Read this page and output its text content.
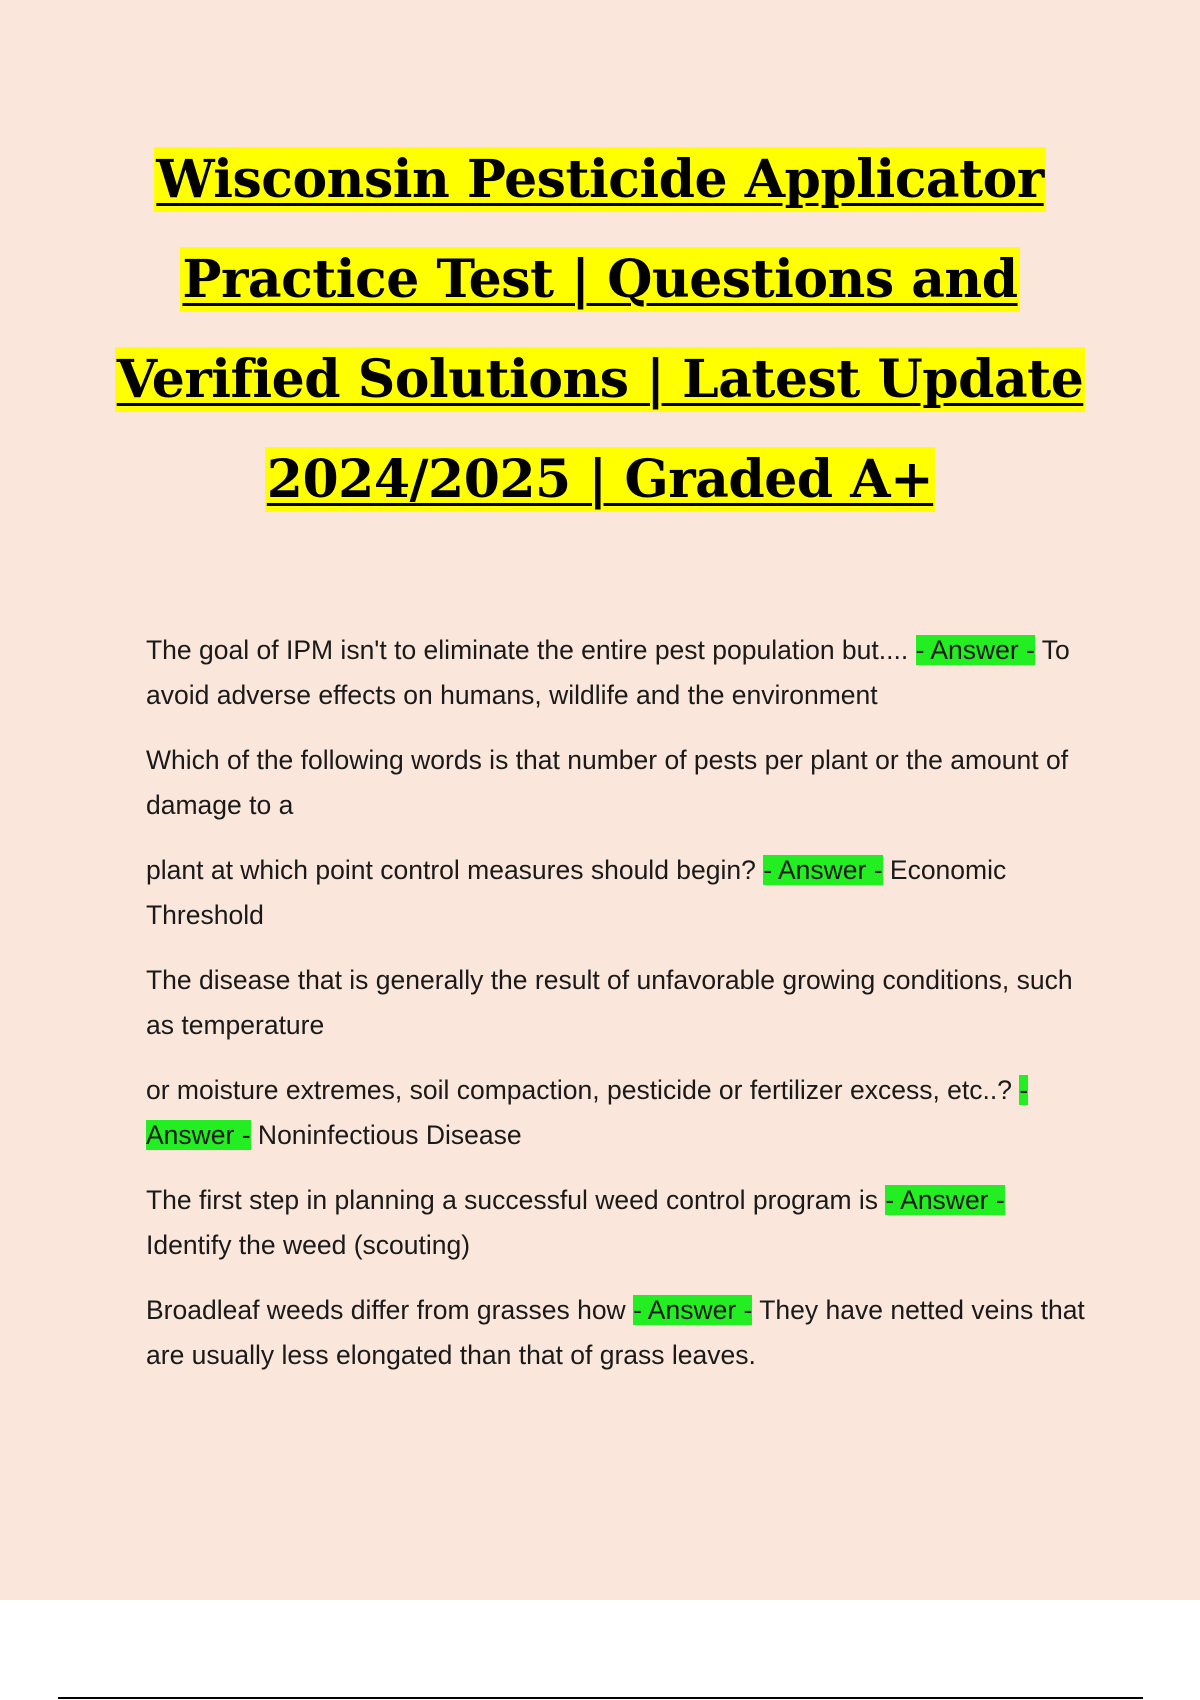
Wisconsin Pesticide Applicator
Practice Test | Questions and
Verified Solutions | Latest Update
2024/2025 | Graded A+

The goal of IPM isn't to eliminate the entire pest population but.... - Answer - To avoid adverse effects on humans, wildlife and the environment

Which of the following words is that number of pests per plant or the amount of damage to a

plant at which point control measures should begin? - Answer - Economic Threshold

The disease that is generally the result of unfavorable growing conditions, such as temperature

or moisture extremes, soil compaction, pesticide or fertilizer excess, etc..? - Answer - Noninfectious Disease

The first step in planning a successful weed control program is - Answer - Identify the weed (scouting)

Broadleaf weeds differ from grasses how - Answer - They have netted veins that are usually less elongated than that of grass leaves.
